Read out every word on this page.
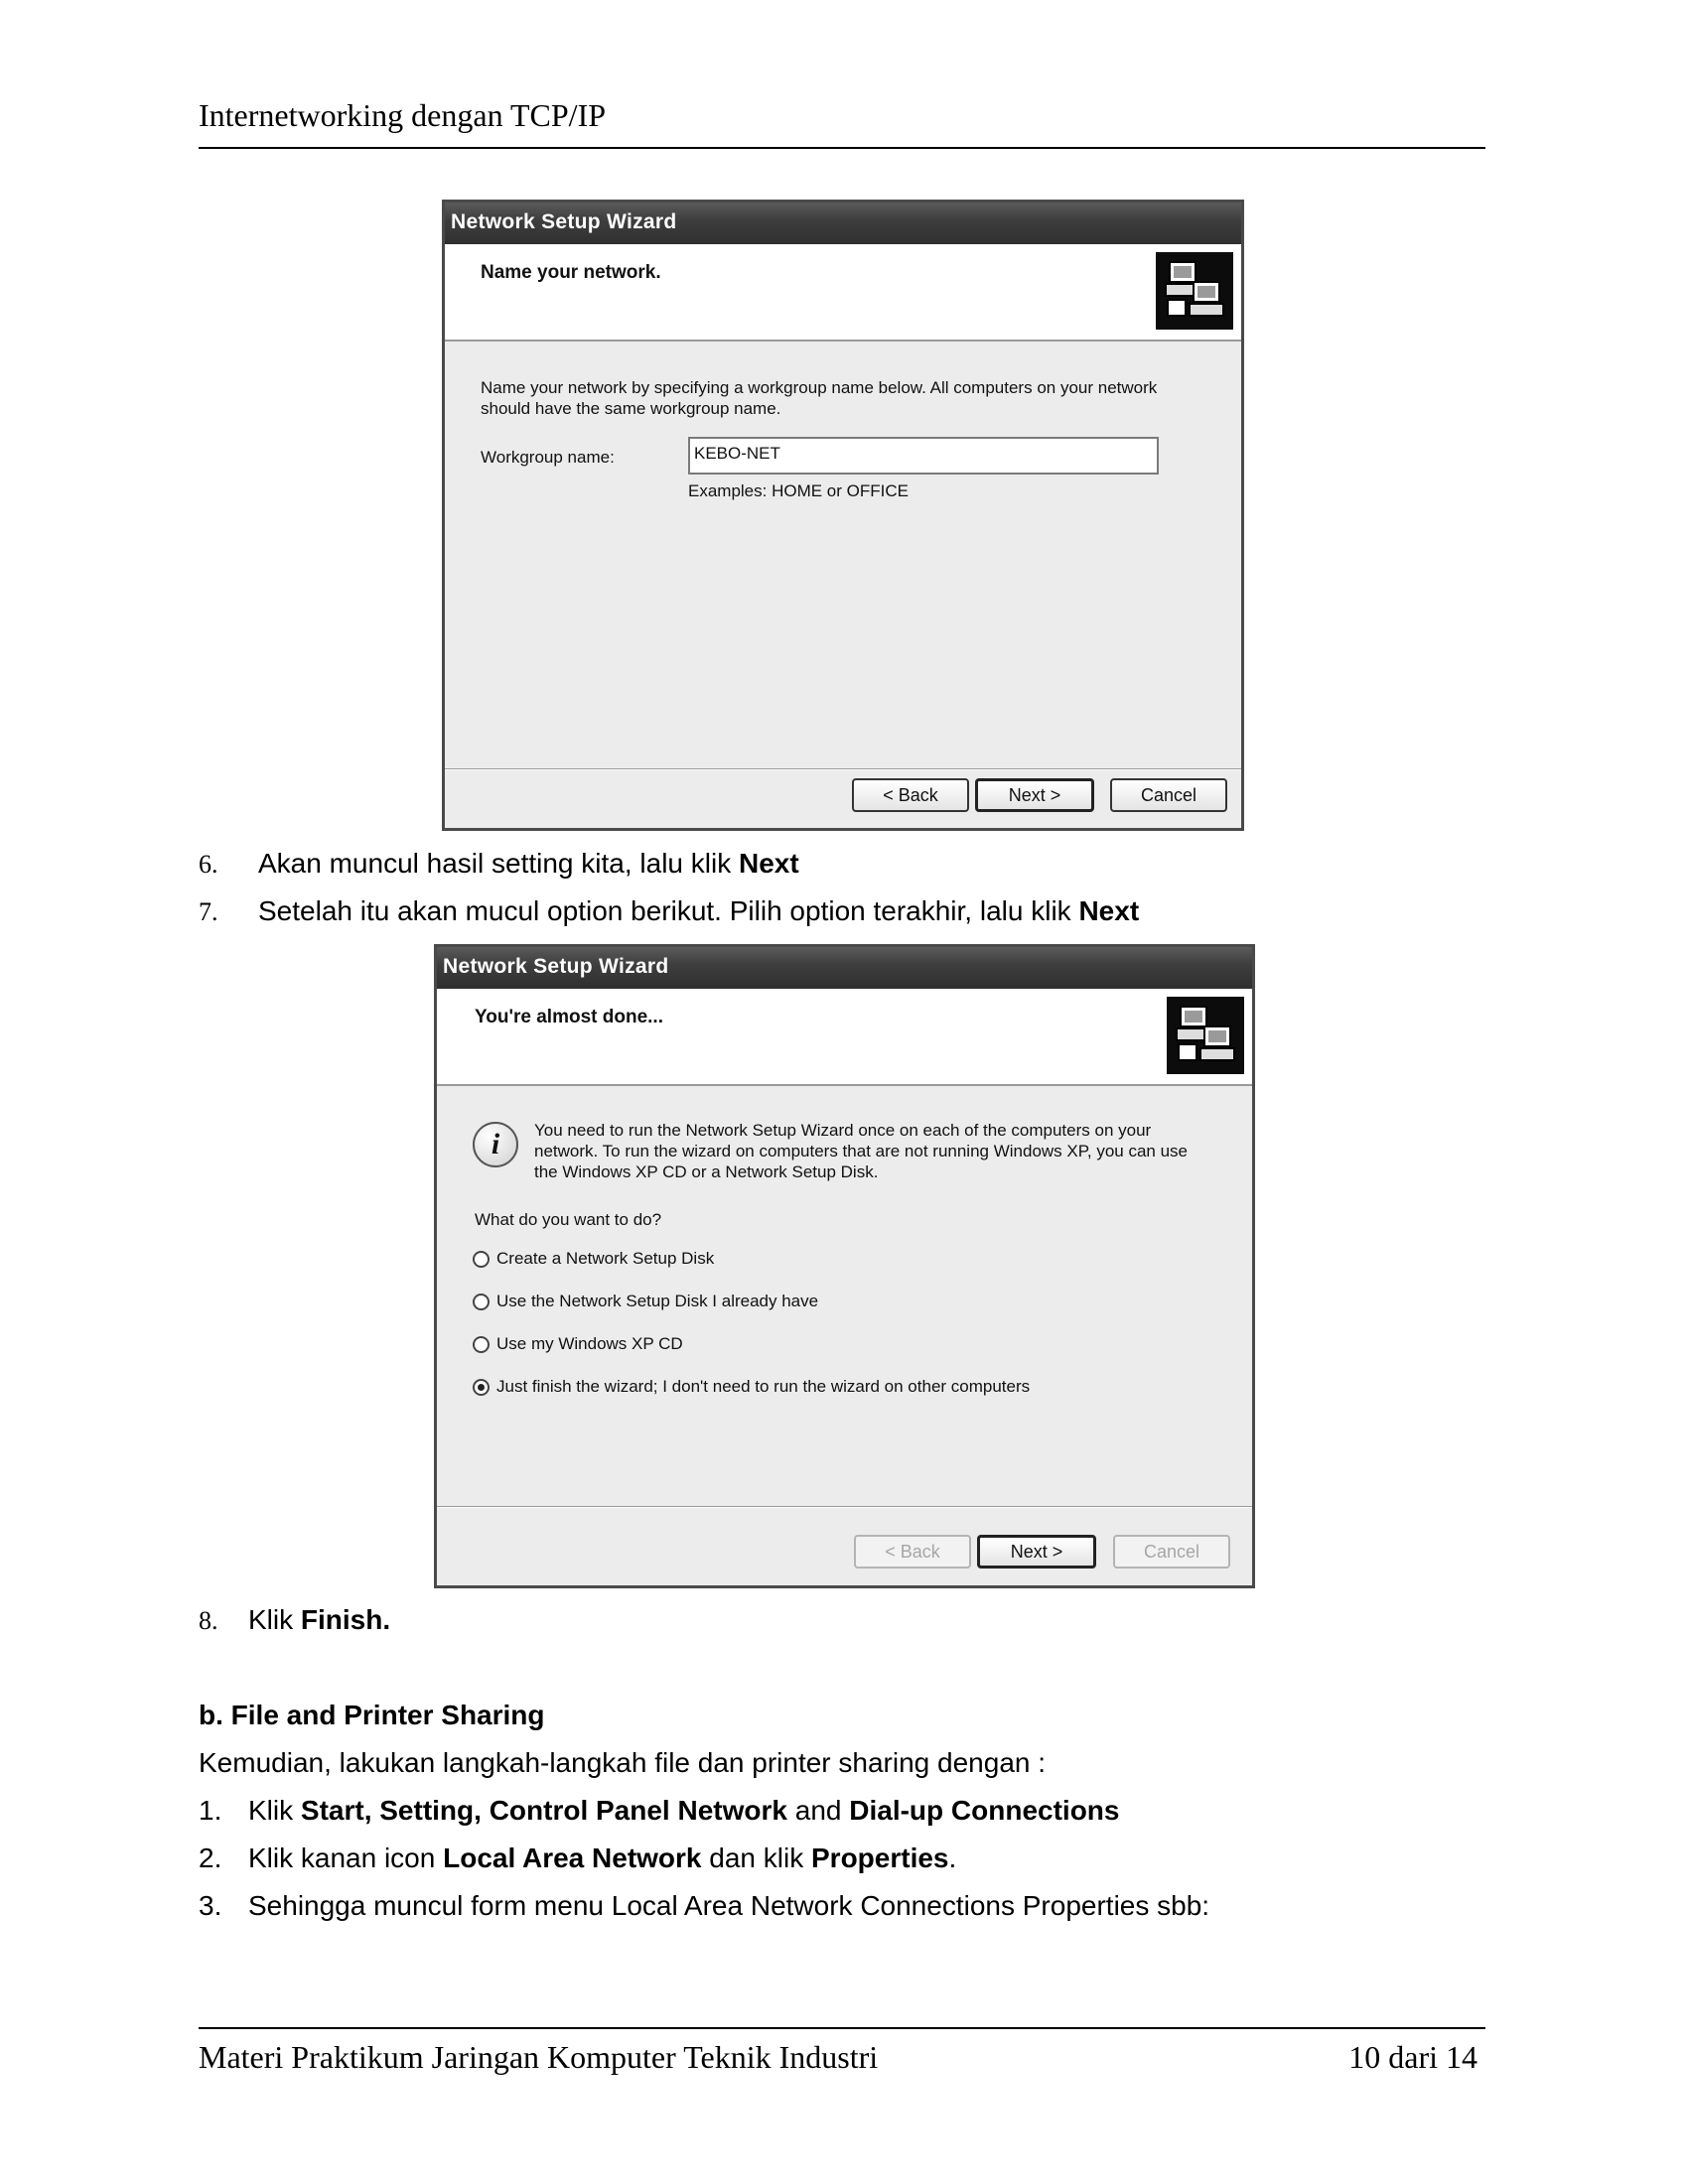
Internetworking dengan TCP/IP
Network Setup Wizard
Name your network.
Name your network by specifying a workgroup name below. All computers on your network
should have the same workgroup name.
Workgroup name:	KEBO-NET
Examples: HOME or OFFICE
< Back	Next >	Cancel
6.	Akan muncul hasil setting kita, lalu klik Next
7.	Setelah itu akan mucul option berikut. Pilih option terakhir, lalu klik Next
Network Setup Wizard
You're almost done...
i	You need to run the Network Setup Wizard once on each of the computers on your
network. To run the wizard on computers that are not running Windows XP, you can use
the Windows XP CD or a Network Setup Disk.
What do you want to do?
Create a Network Setup Disk
Use the Network Setup Disk I already have
Use my Windows XP CD
Just finish the wizard; I don't need to run the wizard on other computers
< Back	Next >	Cancel
8.	Klik Finish.
b. File and Printer Sharing
Kemudian, lakukan langkah-langkah file dan printer sharing dengan :
1. Klik Start, Setting, Control Panel Network and Dial-up Connections
2. Klik kanan icon Local Area Network dan klik Properties.
3. Sehingga muncul form menu Local Area Network Connections Properties sbb:
Materi Praktikum Jaringan Komputer Teknik Industri	10 dari 14
